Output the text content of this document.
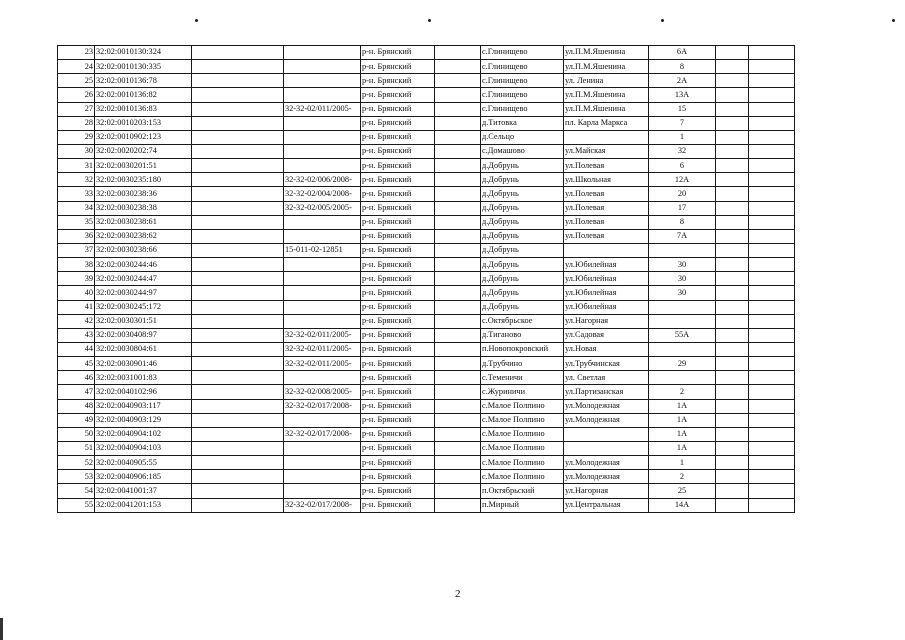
23	32:02:0010130:324			р-н. Брянский		с.Глинищево	ул.П.М.Яшенина	6А		
24	32:02:0010130:335			р-н. Брянский		с.Глинищево	ул.П.М.Яшенина	8		
25	32:02:0010136:78			р-н. Брянский		с.Глинищево	ул. Ленина	2А		
26	32:02:0010136:82			р-н. Брянский		с.Глинищево	ул.П.М.Яшенина	13А		
27	32:02:0010136:83		32-32-02/011/2005-	р-н. Брянский		с.Глинищево	ул.П.М.Яшенина	15		
28	32:02:0010203:153			р-н. Брянский		д.Титовка	пл. Карла Маркса	7		
29	32:02:0010902:123			р-н. Брянский		д.Сельцо		1		
30	32:02:0020202:74			р-н. Брянский		с.Домашово	ул.Майская	32		
31	32:02:0030201:51			р-н. Брянский		д.Добрунь	ул.Полевая	6		
32	32:02:0030235:180		32-32-02/006/2008-	р-н. Брянский		д.Добрунь	ул.Школьная	12А		
33	32:02:0030238:36		32-32-02/004/2008-	р-н. Брянский		д.Добрунь	ул.Полевая	20		
34	32:02:0030238:38		32-32-02/005/2005-	р-н. Брянский		д.Добрунь	ул.Полевая	17		
35	32:02:0030238:61			р-н. Брянский		д.Добрунь	ул.Полевая	8		
36	32:02:0030238:62			р-н. Брянский		д.Добрунь	ул.Полевая	7А		
37	32:02:0030238:66		15-011-02-12851	р-н. Брянский		д.Добрунь				
38	32:02:0030244:46			р-н. Брянский		д.Добрунь	ул.Юбилейная	30		
39	32:02:0030244:47			р-н. Брянский		д.Добрунь	ул.Юбилейная	30		
40	32:02:0030244:97			р-н. Брянский		д.Добрунь	ул.Юбилейная	30		
41	32:02:0030245:172			р-н. Брянский		д.Добрунь	ул.Юбилейная			
42	32:02:0030301:51			р-н. Брянский		с.Октябрьское	ул.Нагорная			
43	32:02:0030408:97		32-32-02/011/2005-	р-н. Брянский		д.Тиганово	ул.Садовая	55А		
44	32:02:0030804:61		32-32-02/011/2005-	р-н. Брянский		п.Новопокровский	ул.Новая			
45	32:02:0030901:46		32-32-02/011/2005-	р-н. Брянский		д.Трубчино	ул.Трубчинская	29		
46	32:02:0031001:83			р-н. Брянский		с.Теменичи	ул. Светлая			
47	32:02:0040102:96		32-32-02/008/2005-	р-н. Брянский		с.Журиничи	ул.Партизанская	2		
48	32:02:0040903:117		32-32-02/017/2008-	р-н. Брянский		с.Малое Полпино	ул.Молодежная	1А		
49	32:02:0040903:129			р-н. Брянский		с.Малое Полпино	ул.Молодежная	1А		
50	32:02:0040904:102		32-32-02/017/2008-	р-н. Брянский		с.Малое Полпино		1А		
51	32:02:0040904:103			р-н. Брянский		с.Малое Полпино		1А		
52	32:02:0040905:55			р-н. Брянский		с.Малое Полпино	ул.Молодежная	1		
53	32:02:0040906:185			р-н. Брянский		с.Малое Полпино	ул.Молодежная	2		
54	32:02:0041001:37			р-н. Брянский		п.Октябрьский	ул.Нагорная	25		
55	32:02:0041201:153		32-32-02/017/2008-	р-н. Брянский		п.Мирный	ул.Центральная	14А		
2
